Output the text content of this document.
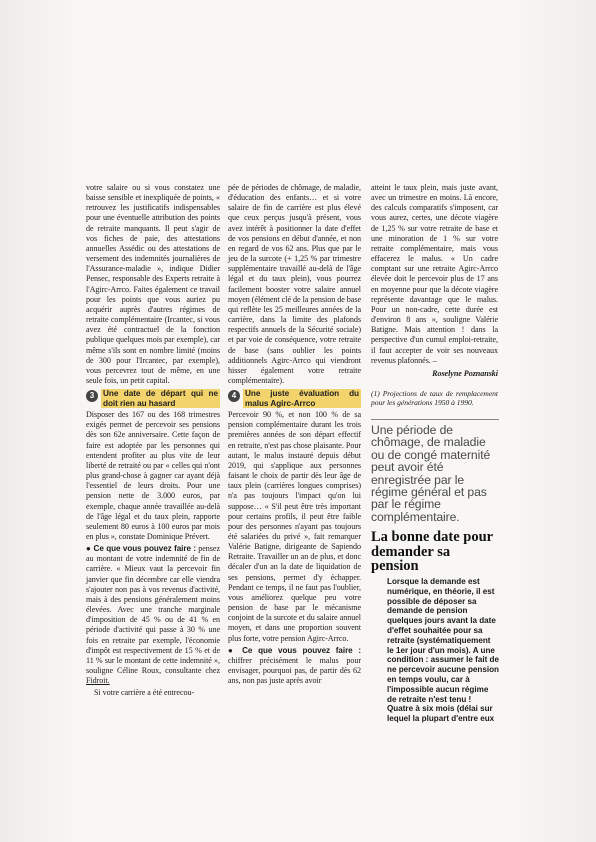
votre salaire ou si vous constatez une baisse sensible et inexpliquée de points, « retrouvez les justificatifs indispensables pour une éventuelle attribution des points de retraite manquants. Il peut s'agir de vos fiches de paie, des attestations annuelles Assédic ou des attestations de versement des indemnités journalières de l'Assurance-maladie », indique Didier Pensec, responsable des Experts retraite à l'Agirc-Arrco. Faites également ce travail pour les points que vous auriez pu acquérir auprès d'autres régimes de retraite complémentaire (Ircantec, si vous avez été contractuel de la fonction publique quelques mois par exemple), car même s'ils sont en nombre limité (moins de 300 pour l'Ircantec, par exemple), vous percevrez tout de même, en une seule fois, un petit capital.

3	Une date de départ qui ne doit rien au hasard

Disposer des 167 ou des 168 trimestres exigés permet de percevoir ses pensions dès son 62e anniversaire. Cette façon de faire est adoptée par les personnes qui entendent profiter au plus vite de leur liberté de retraité ou par « celles qui n'ont plus grand-chose à gagner car ayant déjà l'essentiel de leurs droits. Pour une pension nette de 3.000 euros, par exemple, chaque année travaillée au-delà de l'âge légal et du taux plein, rapporte seulement 80 euros à 100 euros par mois en plus », constate Dominique Prévert.

● Ce que vous pouvez faire : pensez au montant de votre indemnité de fin de carrière. « Mieux vaut la percevoir fin janvier que fin décembre car elle viendra s'ajouter non pas à vos revenus d'activité, mais à des pensions généralement moins élevées. Avec une tranche marginale d'imposition de 45 % ou de 41 % en période d'activité qui passe à 30 % une fois en retraite par exemple, l'économie d'impôt est respectivement de 15 % et de 11 % sur le montant de cette indemnité », souligne Céline Roux, consultante chez Fidroit.

Si votre carrière a été entrecou-

pée de périodes de chômage, de maladie, d'éducation des enfants… et si votre salaire de fin de carrière est plus élevé que ceux perçus jusqu'à présent, vous avez intérêt à positionner la date d'effet de vos pensions en début d'année, et non en regard de vos 62 ans. Plus que par le jeu de la surcote (+ 1,25 % par trimestre supplémentaire travaillé au-delà de l'âge légal et du taux plein), vous pourrez facilement booster votre salaire annuel moyen (élément clé de la pension de base qui reflète les 25 meilleures années de la carrière, dans la limite des plafonds respectifs annuels de la Sécurité sociale) et par voie de conséquence, votre retraite de base (sans oublier les points additionnels Agirc-Arrco qui viendront hisser également votre retraite complémentaire).

4	Une juste évaluation du malus Agirc-Arrco

Percevoir 90 %, et non 100 % de sa pension complémentaire durant les trois premières années de son départ effectif en retraite, n'est pas chose plaisante. Pour autant, le malus instauré depuis début 2019, qui s'applique aux personnes faisant le choix de partir dès leur âge de taux plein (carrières longues comprises) n'a pas toujours l'impact qu'on lui suppose… « S'il peut être très important pour certains profils, il peut être faible pour des personnes n'ayant pas toujours été salariées du privé », fait remarquer Valérie Batigne, dirigeante de Sapiendo Retraite. Travailler un an de plus, et donc décaler d'un an la date de liquidation de ses pensions, permet d'y échapper. Pendant ce temps, il ne faut pas l'oublier, vous améliorez quelque peu votre pension de base par le mécanisme conjoint de la surcote et du salaire annuel moyen, et dans une proportion souvent plus forte, votre pension Agirc-Arrco.

● Ce que vous pouvez faire : chiffrer précisément le malus pour envisager, pourquoi pas, de partir dès 62 ans, non pas juste après avoir

atteint le taux plein, mais juste avant, avec un trimestre en moins. Là encore, des calculs comparatifs s'imposent, car vous aurez, certes, une décote viagère de 1,25 % sur votre retraite de base et une minoration de 1 % sur votre retraite complémentaire, mais vous effacerez le malus. « Un cadre comptant sur une retraite Agirc-Arrco élevée doit le percevoir plus de 17 ans en moyenne pour que la décote viagère représente davantage que le malus. Pour un non-cadre, cette durée est d'environ 8 ans », souligne Valérie Batigne. Mais attention ! dans la perspective d'un cumul emploi-retraite, il faut accepter de voir ses nouveaux revenus plafonnés. –

Roselyne Poznanski
(1) Projections de taux de remplacement pour les générations 1950 à 1990.
Une période de chômage, de maladie ou de congé maternité peut avoir été enregistrée par le régime général et pas par le régime complémentaire.
La bonne date pour demander sa pension
Lorsque la demande est numérique, en théorie, il est possible de déposer sa demande de pension quelques jours avant la date d'effet souhaitée pour sa retraite (systématiquement le 1er jour d'un mois). A une condition : assumer le fait de ne percevoir aucune pension en temps voulu, car à l'impossible aucun régime de retraite n'est tenu ! Quatre à six mois (délai sur lequel la plupart d'entre eux
